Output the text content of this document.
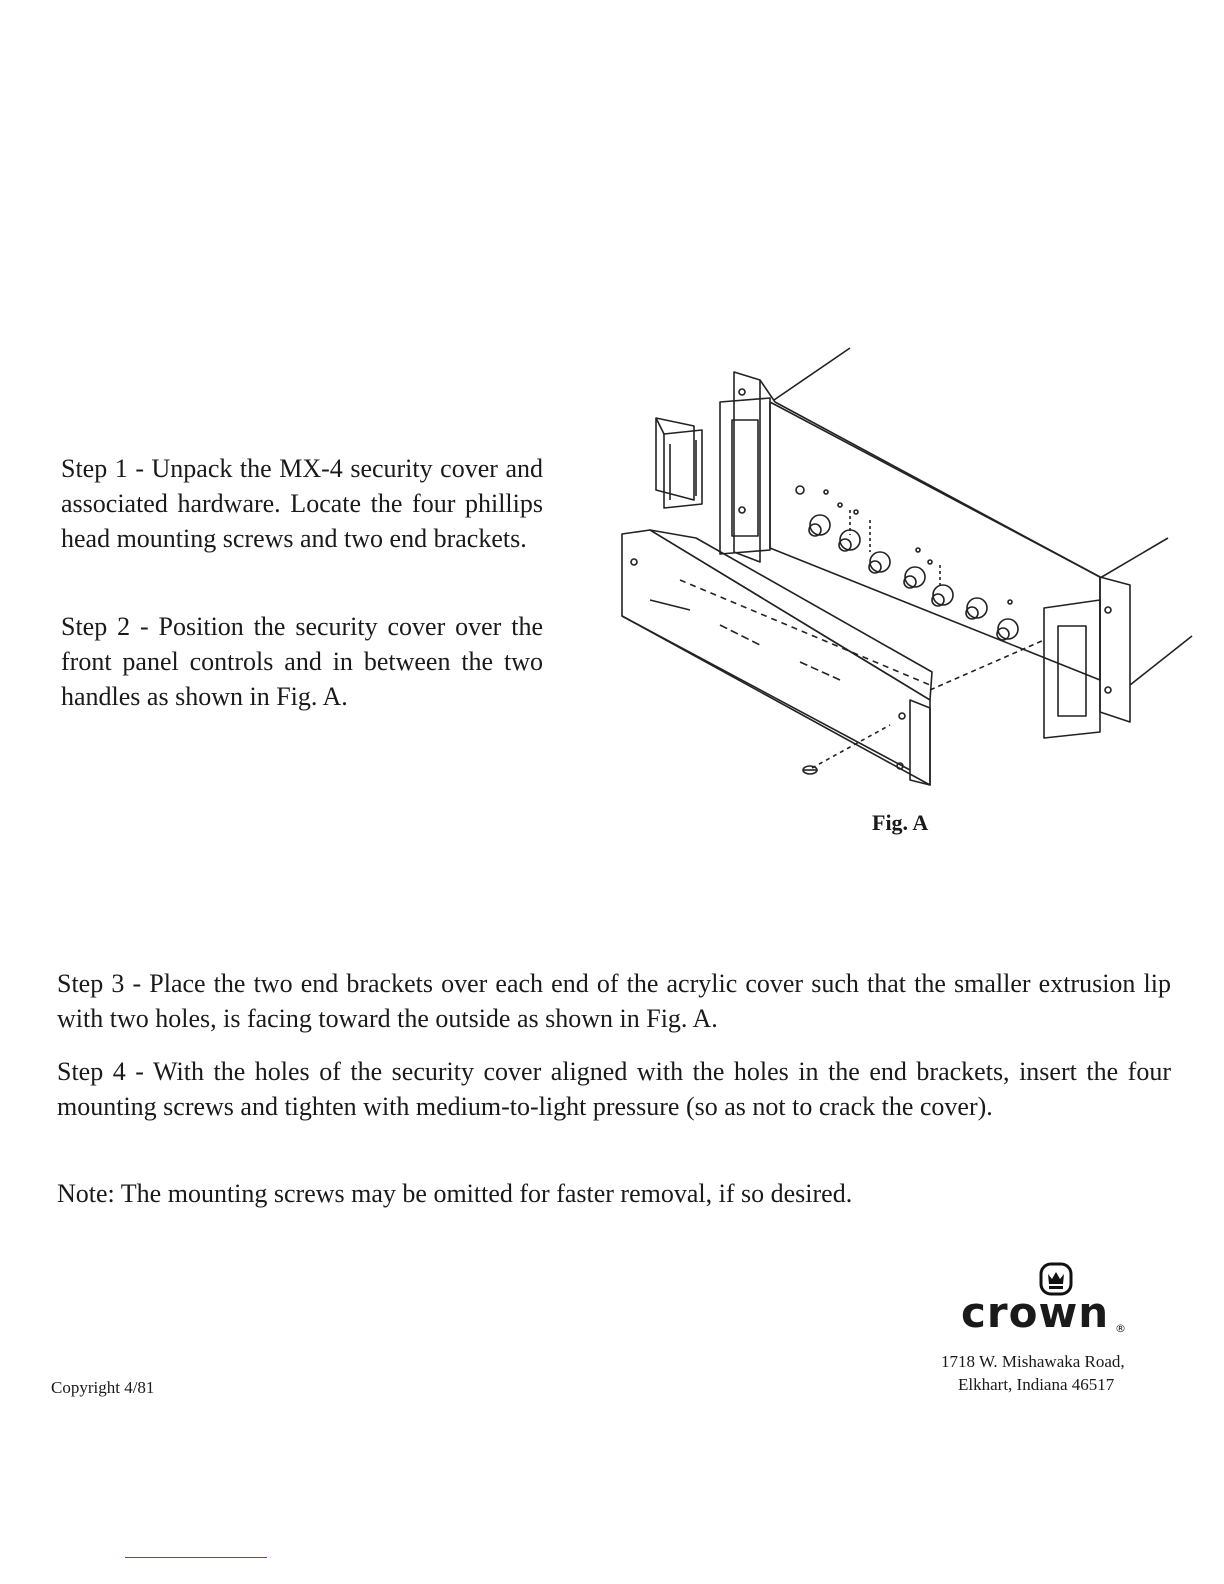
Step 1 - Unpack the MX-4 security cover and associated hardware. Locate the four phillips head mounting screws and two end brackets.

Step 2 - Position the security cover over the front panel controls and in between the two handles as shown in Fig. A.

Fig. A

Step 3 - Place the two end brackets over each end of the acrylic cover such that the smaller extrusion lip with two holes, is facing toward the outside as shown in Fig. A.

Step 4 - With the holes of the security cover aligned with the holes in the end brackets, insert the four mounting screws and tighten with medium-to-light pressure (so as not to crack the cover).

Note: The mounting screws may be omitted for faster removal, if so desired.

Copyright 4/81

crown ®

1718 W. Mishawaka Road,

Elkhart, Indiana 46517
